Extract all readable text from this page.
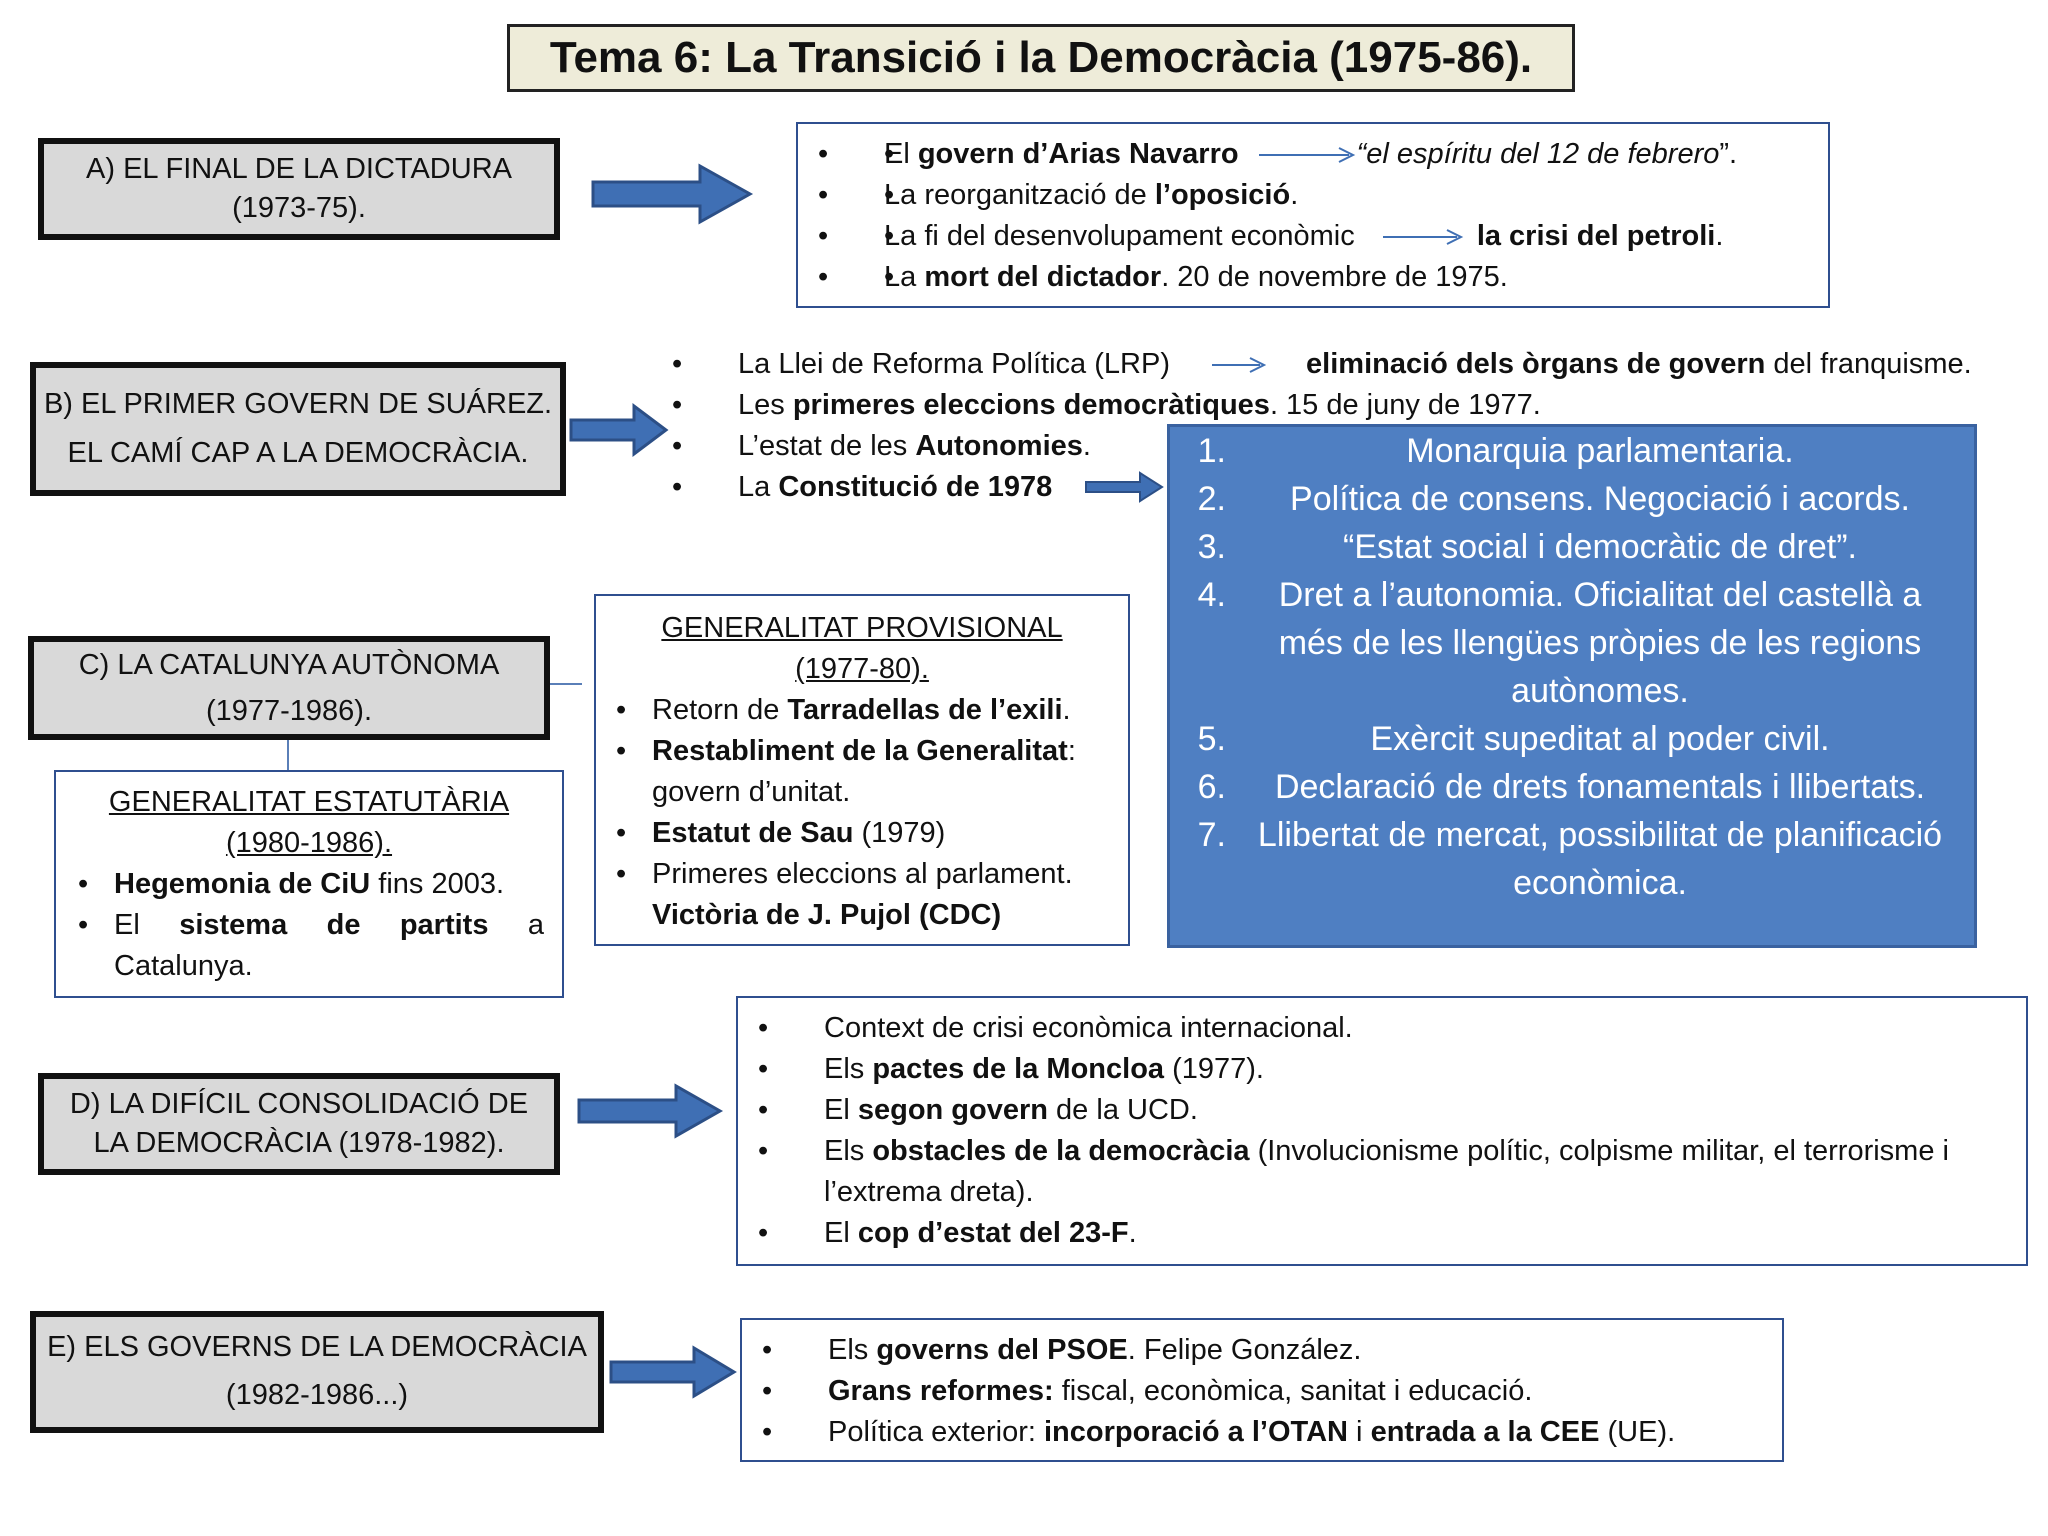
Tema 6: La Transició i la Democràcia (1975-86).
A) EL FINAL DE LA DICTADURA
(1973-75).
B) EL PRIMER GOVERN DE SUÁREZ.
EL CAMÍ CAP A LA DEMOCRÀCIA.
C) LA CATALUNYA AUTÒNOMA
(1977-1986).
D) LA DIFÍCIL CONSOLIDACIÓ DE
LA DEMOCRÀCIA (1978-1982).
E) ELS GOVERNS DE LA DEMOCRÀCIA
(1982-1986...)
• • El govern d’Arias Navarro	“el espíritu del 12 de febrero”.
• • La reorganització de l’oposició.
• • La fi del desenvolupament econòmic	la crisi del petroli.
• • La mort del dictador. 20 de novembre de 1975.
• La Llei de Reforma Política (LRP)	eliminació dels òrgans de govern del franquisme.
• Les primeres eleccions democràtiques. 15 de juny de 1977.
• L’estat de les Autonomies.
• La Constitució de 1978
1.	Monarquia parlamentaria.
2.	Política de consens. Negociació i acords.
3.	“Estat social i democràtic de dret”.
4.	Dret a l’autonomia. Oficialitat del castellà a més de les llengües pròpies de les regions autònomes.
5.	Exèrcit supeditat al poder civil.
6.	Declaració de drets fonamentals i llibertats.
7. Llibertat de mercat, possibilitat de planificació econòmica.
GENERALITAT PROVISIONAL
(1977-80).
• Retorn de Tarradellas de l’exili.
• Restabliment de la Generalitat: govern d’unitat.
• Estatut de Sau (1979)
• Primeres eleccions al parlament.
Victòria de J. Pujol (CDC)
GENERALITAT ESTATUTÀRIA
(1980-1986).
• Hegemonia de CiU fins 2003.
• El sistema de partits a Catalunya.
• Context de crisi econòmica internacional.
• Els pactes de la Moncloa (1977).
• El segon govern de la UCD.
• Els obstacles de la democràcia (Involucionisme polític, colpisme militar, el terrorisme i l’extrema dreta).
• El cop d’estat del 23-F.
• Els governs del PSOE. Felipe González.
• Grans reformes: fiscal, econòmica, sanitat i educació.
• Política exterior: incorporació a l’OTAN i entrada a la CEE (UE).
